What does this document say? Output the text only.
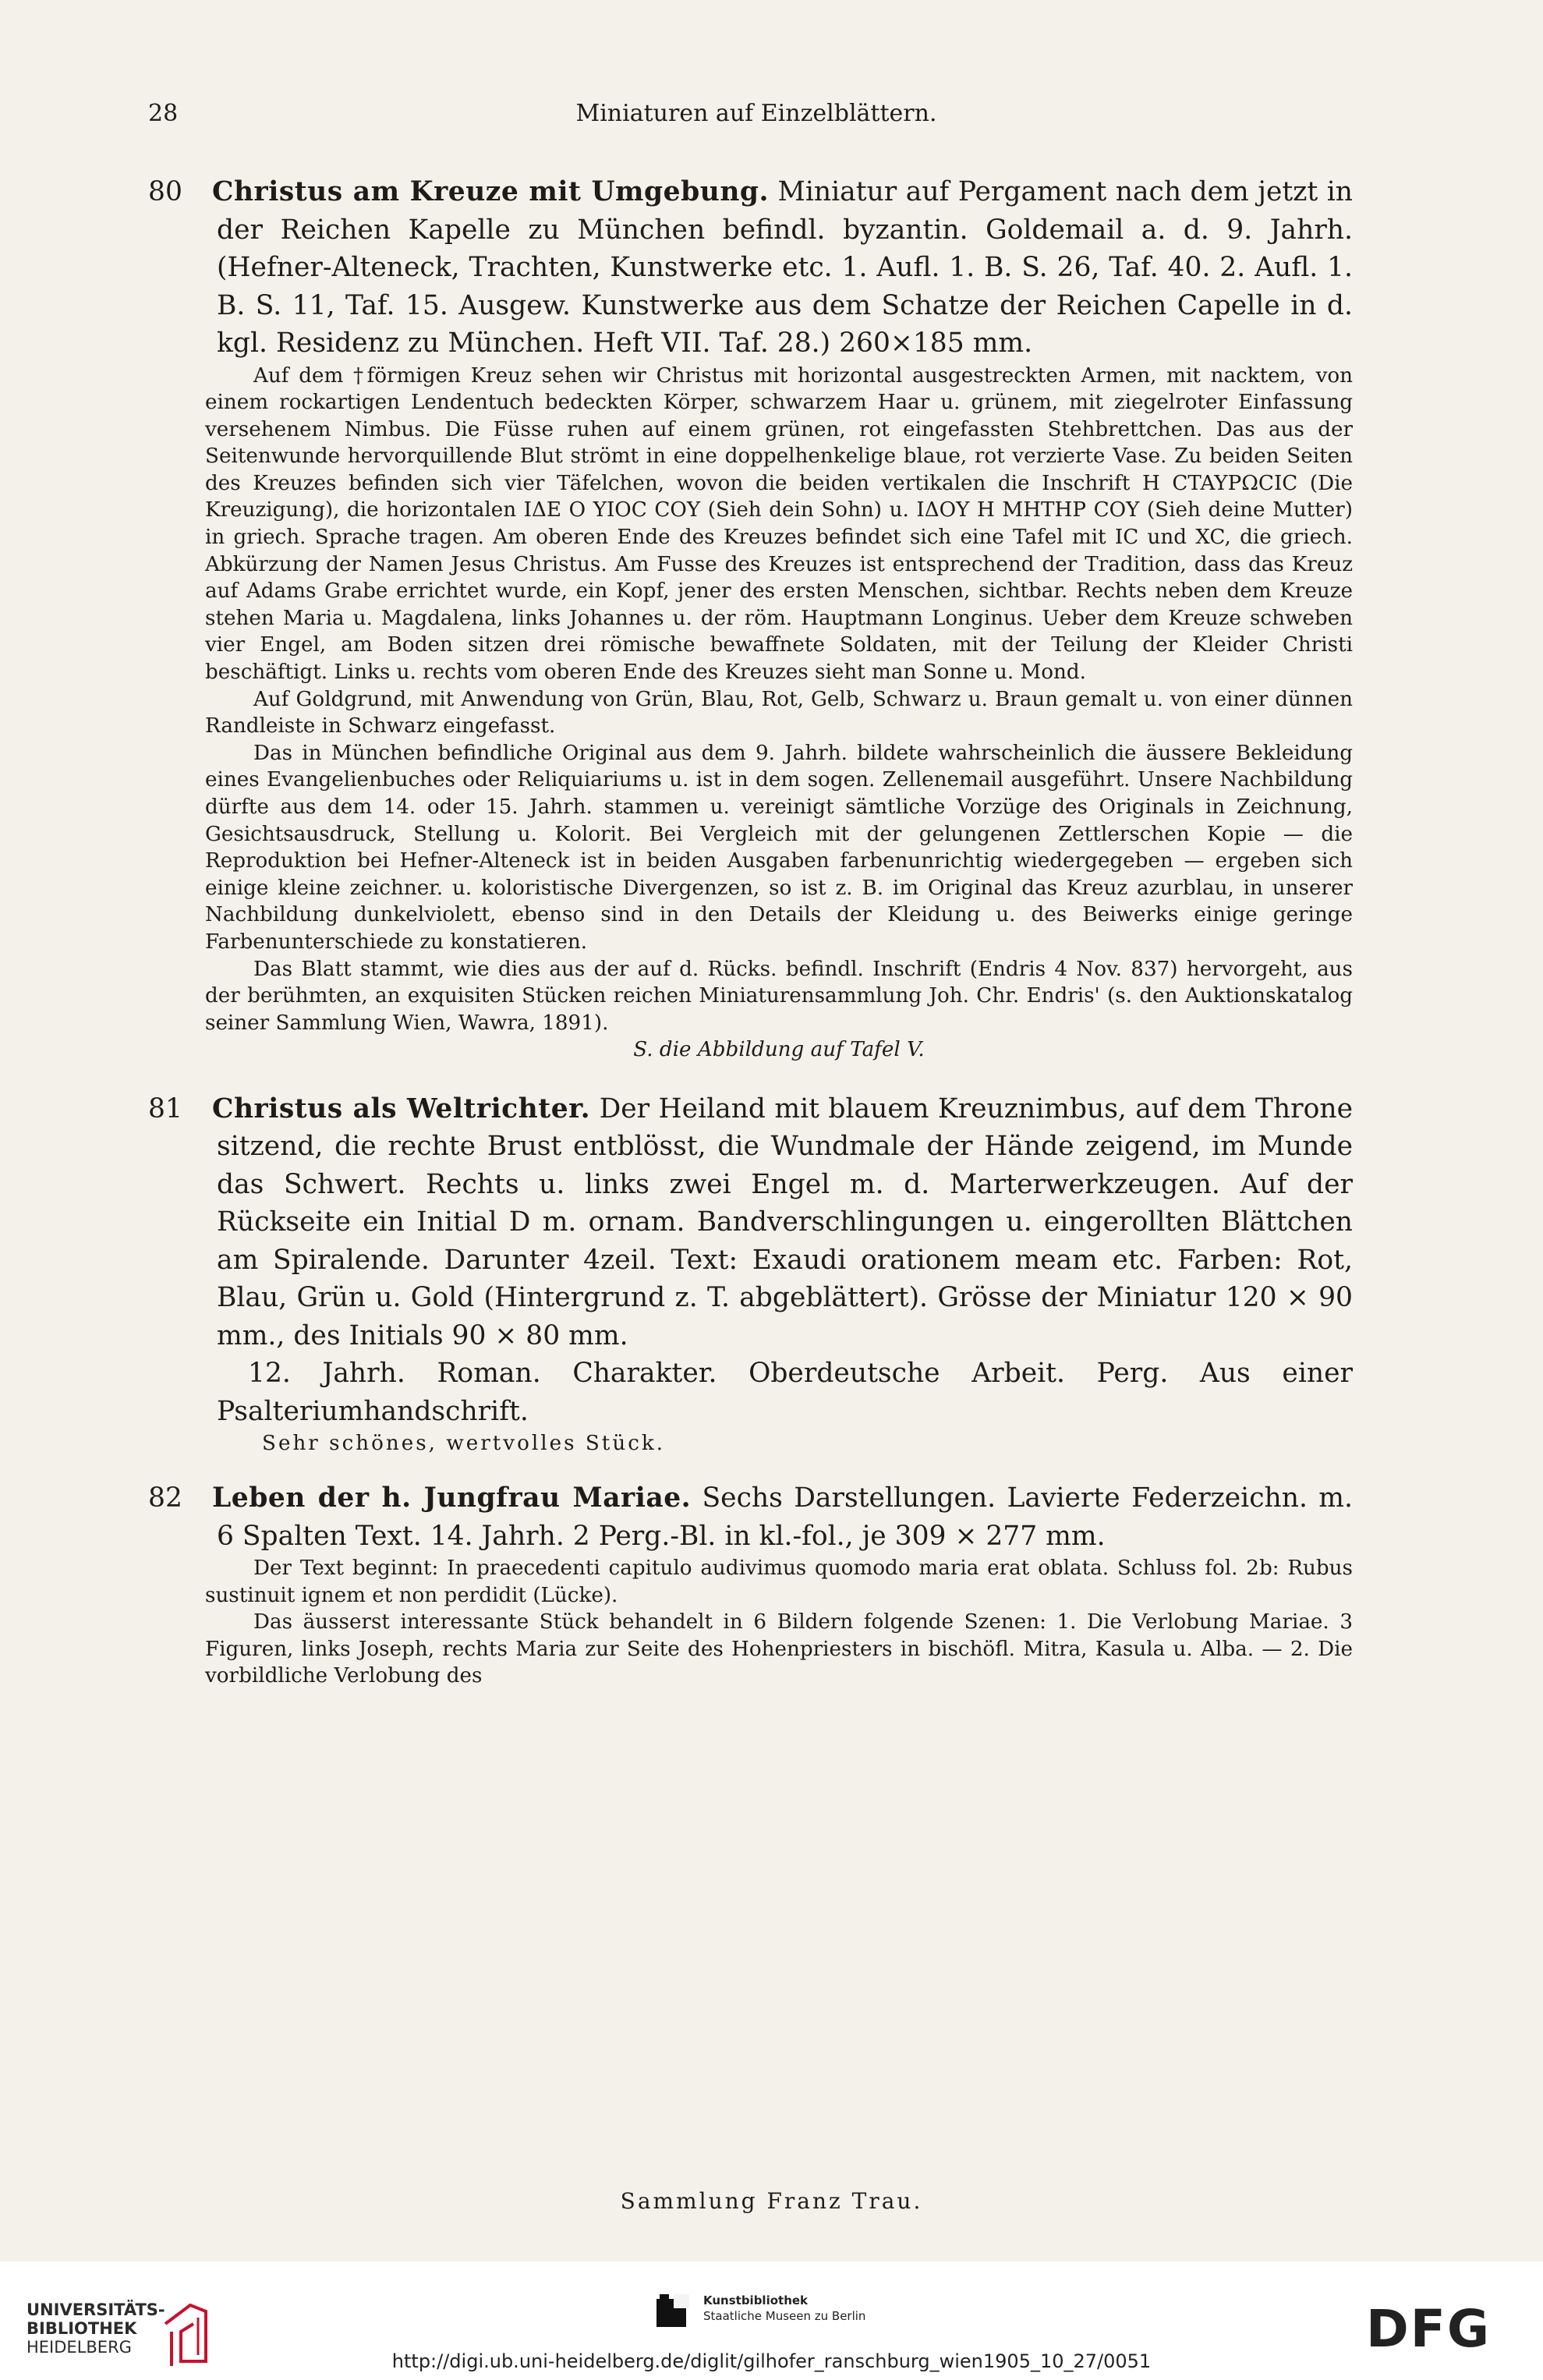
28	Miniaturen auf Einzelblättern.

80 Christus am Kreuze mit Umgebung. Miniatur auf Pergament nach dem jetzt in der Reichen Kapelle zu München befindl. byzantin. Goldemail a. d. 9. Jahrh. (Hefner-Alteneck, Trachten, Kunstwerke etc. 1. Aufl. 1. B. S. 26, Taf. 40. 2. Aufl. 1. B. S. 11, Taf. 15. Ausgew. Kunstwerke aus dem Schatze der Reichen Capelle in d. kgl. Residenz zu München. Heft VII. Taf. 28.) 260×185 mm.

Auf dem †förmigen Kreuz sehen wir Christus mit horizontal ausgestreckten Armen, mit nacktem, von einem rockartigen Lendentuch bedeckten Körper, schwarzem Haar u. grünem, mit ziegelroter Einfassung versehenem Nimbus. Die Füsse ruhen auf einem grünen, rot eingefassten Stehbrettchen. Das aus der Seitenwunde hervorquillende Blut strömt in eine doppelhenkelige blaue, rot verzierte Vase. Zu beiden Seiten des Kreuzes befinden sich vier Täfelchen, wovon die beiden vertikalen die Inschrift H CTAYPΩCIC (Die Kreuzigung), die horizontalen IΔE O YIOC COY (Sieh dein Sohn) u. IΔOY H MHTHP COY (Sieh deine Mutter) in griech. Sprache tragen. Am oberen Ende des Kreuzes befindet sich eine Tafel mit IC und XC, die griech. Abkürzung der Namen Jesus Christus. Am Fusse des Kreuzes ist entsprechend der Tradition, dass das Kreuz auf Adams Grabe errichtet wurde, ein Kopf, jener des ersten Menschen, sichtbar. Rechts neben dem Kreuze stehen Maria u. Magdalena, links Johannes u. der röm. Hauptmann Longinus. Ueber dem Kreuze schweben vier Engel, am Boden sitzen drei römische bewaffnete Soldaten, mit der Teilung der Kleider Christi beschäftigt. Links u. rechts vom oberen Ende des Kreuzes sieht man Sonne u. Mond.

Auf Goldgrund, mit Anwendung von Grün, Blau, Rot, Gelb, Schwarz u. Braun gemalt u. von einer dünnen Randleiste in Schwarz eingefasst.

Das in München befindliche Original aus dem 9. Jahrh. bildete wahrscheinlich die äussere Bekleidung eines Evangelienbuches oder Reliquiariums u. ist in dem sogen. Zellenemail ausgeführt. Unsere Nachbildung dürfte aus dem 14. oder 15. Jahrh. stammen u. vereinigt sämtliche Vorzüge des Originals in Zeichnung, Gesichtsausdruck, Stellung u. Kolorit. Bei Vergleich mit der gelungenen Zettlerschen Kopie — die Reproduktion bei Hefner-Alteneck ist in beiden Ausgaben farbenunrichtig wiedergegeben — ergeben sich einige kleine zeichner. u. koloristische Divergenzen, so ist z. B. im Original das Kreuz azurblau, in unserer Nachbildung dunkelviolett, ebenso sind in den Details der Kleidung u. des Beiwerks einige geringe Farbenunterschiede zu konstatieren.

Das Blatt stammt, wie dies aus der auf d. Rücks. befindl. Inschrift (Endris 4 Nov. 837) hervorgeht, aus der berühmten, an exquisiten Stücken reichen Miniaturensammlung Joh. Chr. Endris' (s. den Auktionskatalog seiner Sammlung Wien, Wawra, 1891).

S. die Abbildung auf Tafel V.

81 Christus als Weltrichter. Der Heiland mit blauem Kreuznimbus, auf dem Throne sitzend, die rechte Brust entblösst, die Wundmale der Hände zeigend, im Munde das Schwert. Rechts u. links zwei Engel m. d. Marterwerkzeugen. Auf der Rückseite ein Initial D m. ornam. Bandverschlingungen u. eingerollten Blättchen am Spiralende. Darunter 4zeil. Text: Exaudi orationem meam etc. Farben: Rot, Blau, Grün u. Gold (Hintergrund z. T. abgeblättert). Grösse der Miniatur 120 × 90 mm., des Initials 90 × 80 mm.

12. Jahrh. Roman. Charakter. Oberdeutsche Arbeit. Perg. Aus einer Psalteriumhandschrift.

Sehr schönes, wertvolles Stück.

82 Leben der h. Jungfrau Mariae. Sechs Darstellungen. Lavierte Federzeichn. m. 6 Spalten Text. 14. Jahrh. 2 Perg.-Bl. in kl.-fol., je 309 × 277 mm.

Der Text beginnt: In praecedenti capitulo audivimus quomodo maria erat oblata. Schluss fol. 2b: Rubus sustinuit ignem et non perdidit (Lücke).

Das äusserst interessante Stück behandelt in 6 Bildern folgende Szenen: 1. Die Verlobung Mariae. 3 Figuren, links Joseph, rechts Maria zur Seite des Hohenpriesters in bischöfl. Mitra, Kasula u. Alba. — 2. Die vorbildliche Verlobung des

Sammlung Franz Trau.
UNIVERSITÄTS-
BIBLIOTHEK
HEIDELBERG
Kunstbibliothek
Staatliche Museen zu Berlin	DFG
http://digi.ub.uni-heidelberg.de/diglit/gilhofer_ranschburg_wien1905_10_27/0051
